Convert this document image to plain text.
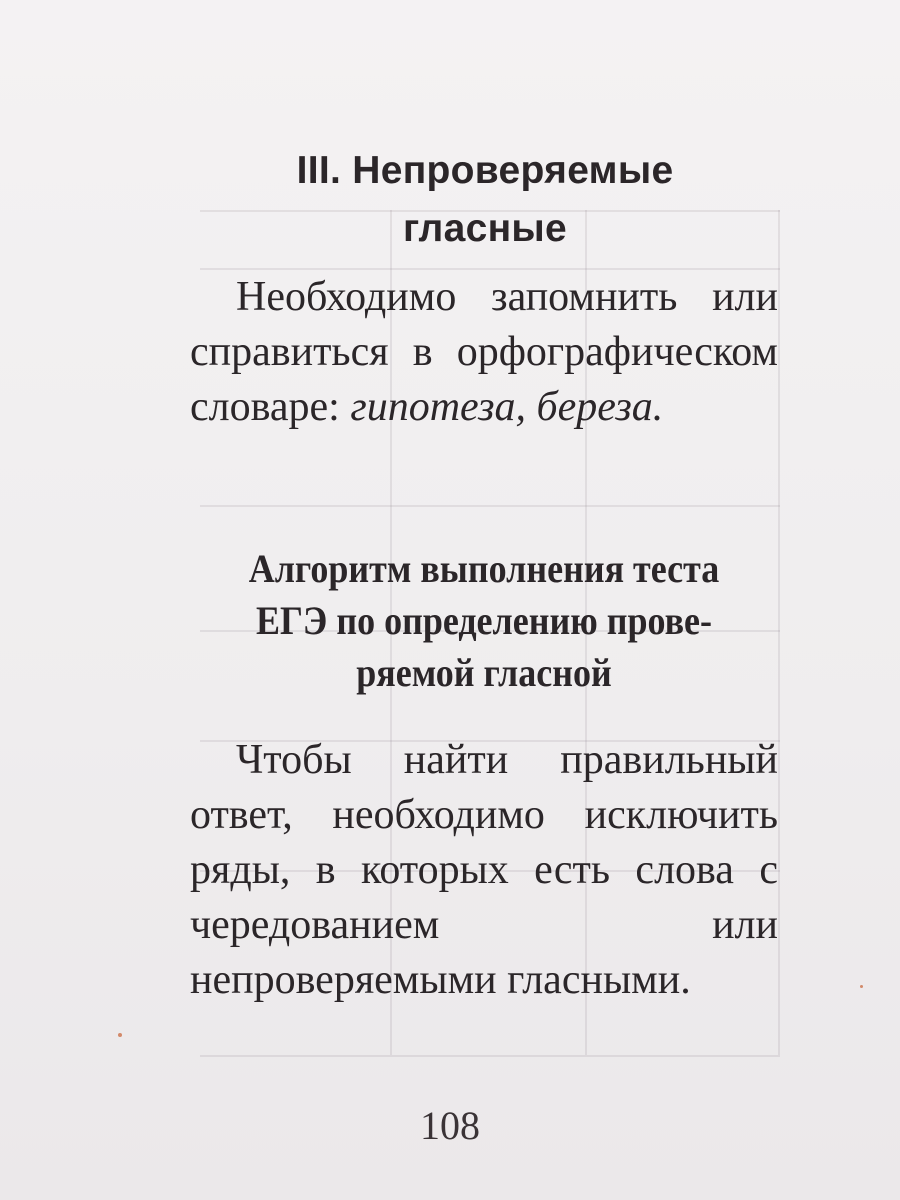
III. Непроверяемые
гласные

Необходимо запомнить или справиться в орфографическом словаре: гипотеза, береза.

Алгоритм выполнения теста
ЕГЭ по определению прове-
ряемой гласной

Чтобы найти правильный ответ, необходимо исключить ряды, в которых есть слова с чередованием или непроверяемыми гласными.

108
